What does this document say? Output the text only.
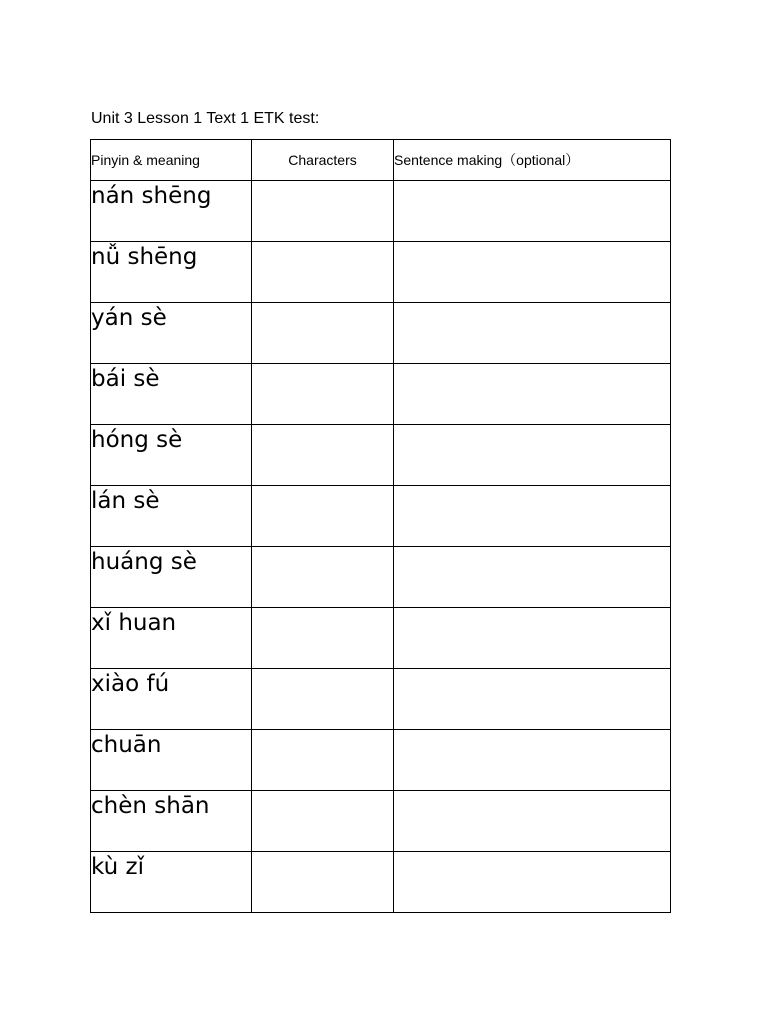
Unit 3 Lesson 1 Text 1 ETK test:
Pinyin & meaning	Characters	Sentence making（optional）
nán shēng		
nǚ shēng		
yán sè		
bái sè		
hóng sè		
lán sè		
huáng sè		
xǐ huan		
xiào fú		
chuān		
chèn shān		
kù zǐ		
